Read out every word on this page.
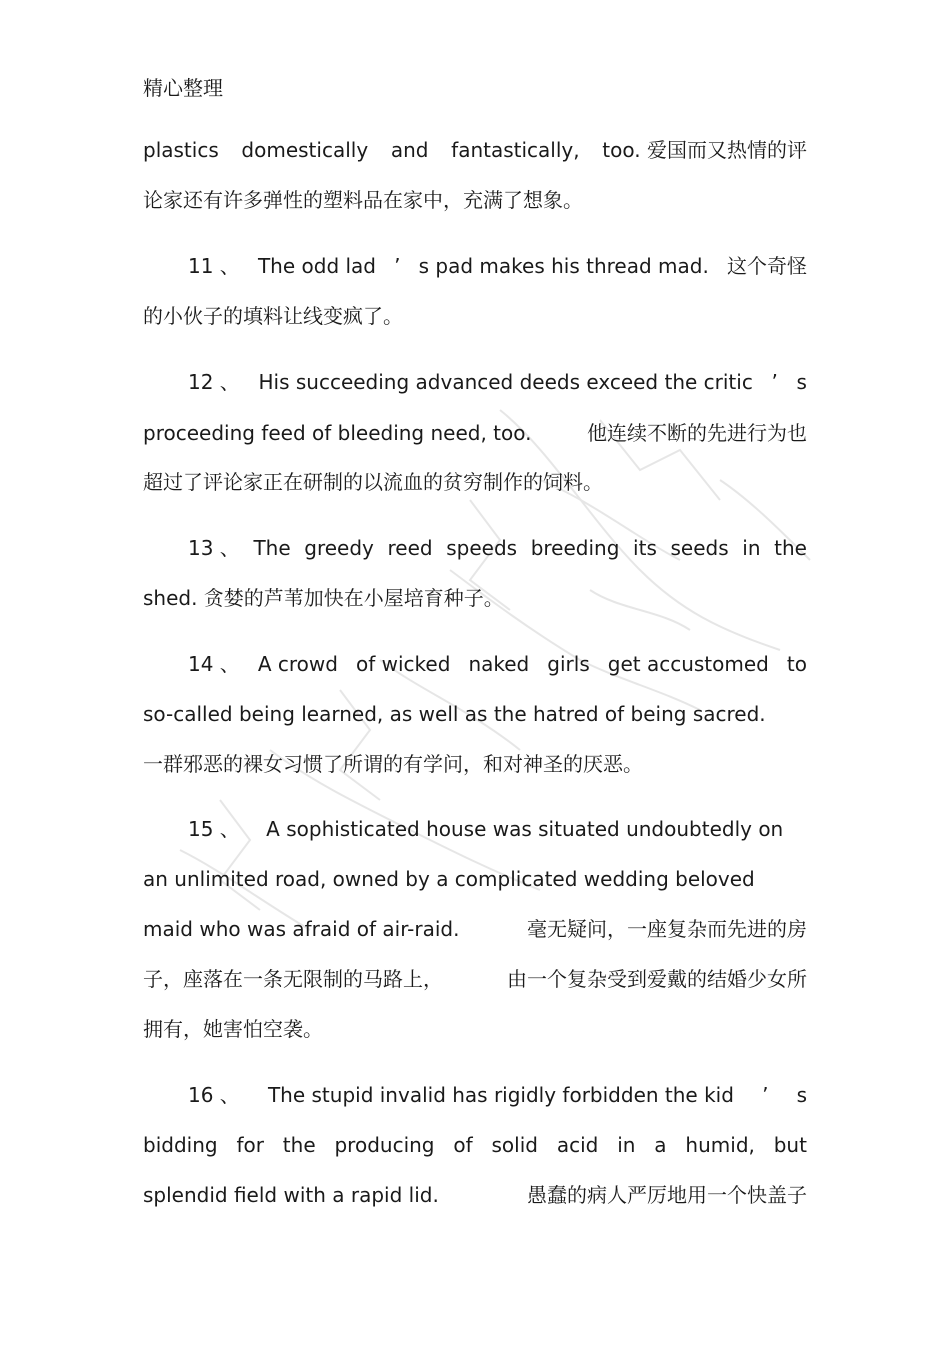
精心整理
plastics domestically and fantastically, too. 爱国而又热情的评
论家还有许多弹性的塑料品在家中，充满了想象。
11 、 The odd lad ’ s pad makes his thread mad. 这个奇怪
的小伙子的填料让线变疯了。
12 、 His succeeding advanced deeds exceed the critic ’ s
proceeding feed of bleeding need, too.	他连续不断的先进行为也
超过了评论家正在研制的以流血的贫穷制作的饲料。
13 、 The greedy reed speeds breeding its seeds in the
shed. 贪婪的芦苇加快在小屋培育种子。
14 、 A crowd of wicked naked girls get accustomed to
so-called being learned, as well as the hatred of being sacred.
一群邪恶的裸女习惯了所谓的有学问，和对神圣的厌恶。
15 、 A sophisticated house was situated undoubtedly on
an unlimited road, owned by a complicated wedding beloved
maid who was afraid of air-raid.	毫无疑问，一座复杂而先进的房
子，座落在一条无限制的马路上，	由一个复杂受到爱戴的结婚少女所
拥有，她害怕空袭。
16 、 The stupid invalid has rigidly forbidden the kid ’ s
bidding for the producing of solid acid in a humid, but
splendid field with a rapid lid.	愚蠢的病人严厉地用一个快盖子
